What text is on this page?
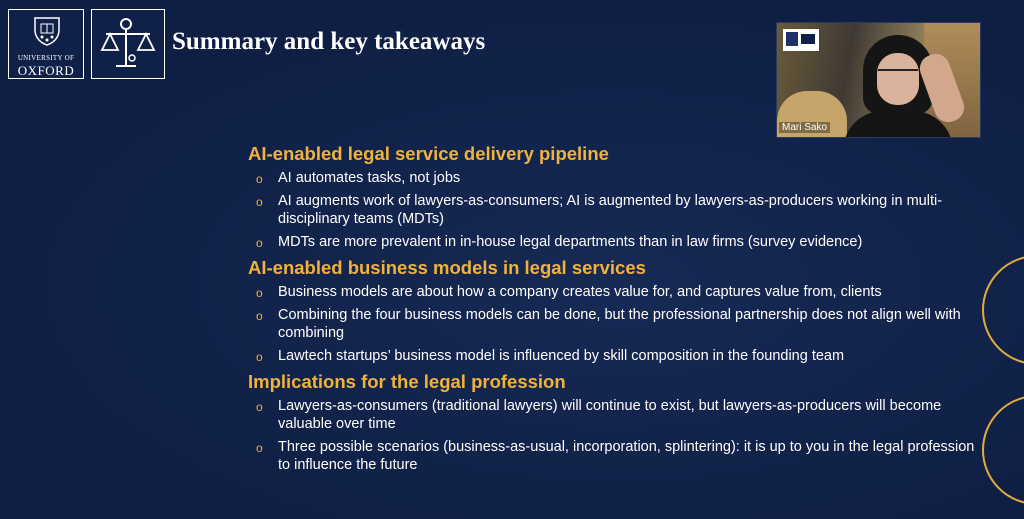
UNIVERSITY OF
OXFORD
Summary and key takeaways
Mari Sako
AI-enabled legal service delivery pipeline
o AI automates tasks, not jobs
o AI augments work of lawyers-as-consumers; AI is augmented by lawyers-as-producers working in multi-disciplinary teams (MDTs)
o MDTs are more prevalent in in-house legal departments than in law firms (survey evidence)
AI-enabled business models in legal services
o Business models are about how a company creates value for, and captures value from, clients
o Combining the four business models can be done, but the professional partnership does not align well with combining
o Lawtech startups’ business model is influenced by skill composition in the founding team
Implications for the legal profession
o Lawyers-as-consumers (traditional lawyers) will continue to exist, but lawyers-as-producers will become valuable over time
o Three possible scenarios (business-as-usual, incorporation, splintering): it is up to you in the legal profession to influence the future
